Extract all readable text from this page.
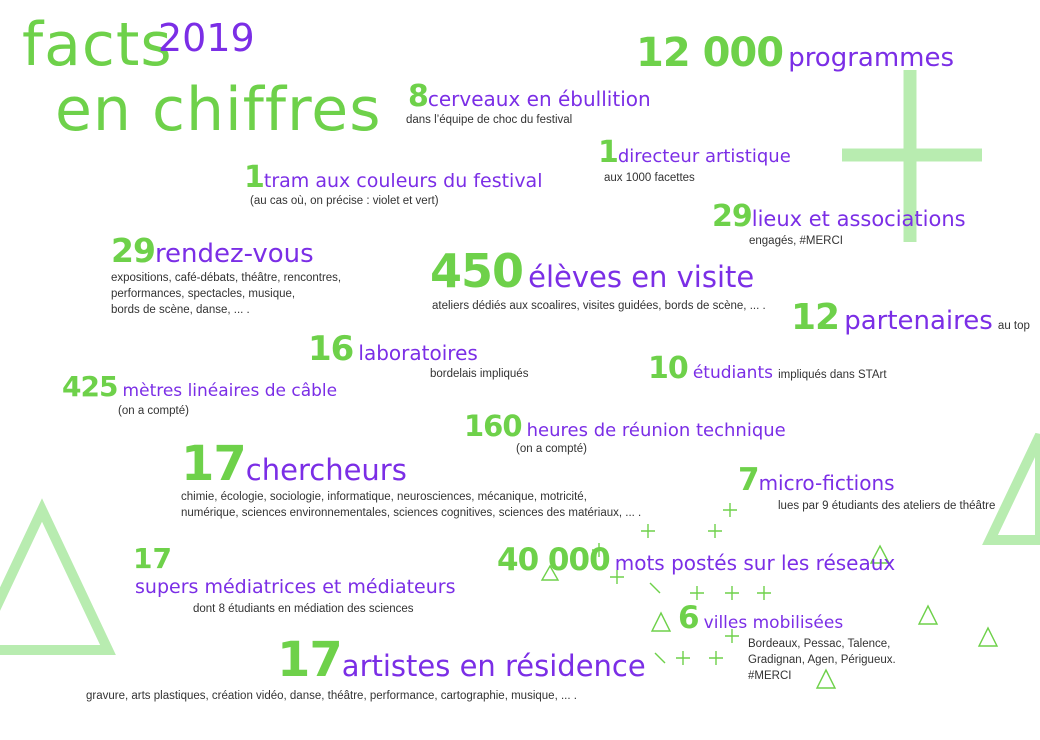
facts
2019
en chiffres
12 000 programmes
8cerveaux en ébullition
dans l’équipe de choc du festival
1directeur artistique
aux 1000 facettes
1tram aux couleurs du festival
(au cas où, on précise : violet et vert)	29lieux et associations
engagés, #MERCI
29rendez-vous
expositions, café-débats, théâtre, rencontres,
performances, spectacles, musique,
bords de scène, danse, ... .
450 élèves en visite
ateliers dédiés aux scoalires, visites guidées, bords de scène, ... . 12 partenaires au top
16 laboratoires
bordelais impliqués	10 étudiants impliqués dans STArt
425 mètres linéaires de câble
(on a compté)	160 heures de réunion technique
(on a compté)
17chercheurs
chimie, écologie, sociologie, informatique, neurosciences, mécanique, motricité,
numérique, sciences environnementales, sciences cognitives, sciences des matériaux, ... .
7micro-fictions
lues par 9 étudiants des ateliers de théâtre
17
supers médiatrices et médiateurs
dont 8 étudiants en médiation des sciences
40 000 mots postés sur les réseaux
6 villes mobilisées
Bordeaux, Pessac, Talence,
Gradignan, Agen, Périgueux.
#MERCI
17artistes en résidence
gravure, arts plastiques, création vidéo, danse, théâtre, performance, cartographie, musique, ... .
